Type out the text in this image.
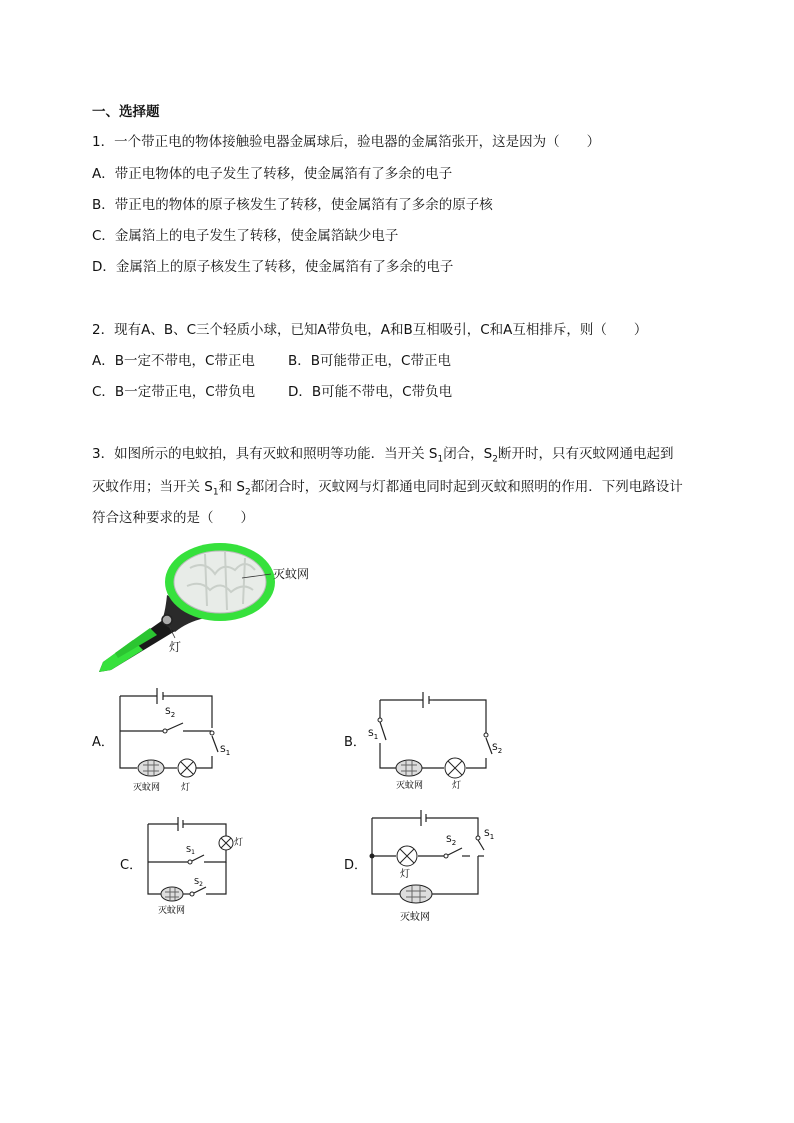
一、选择题
1．一个带正电的物体接触验电器金属球后，验电器的金属箔张开，这是因为（　　）
A．带正电物体的电子发生了转移，使金属箔有了多余的电子
B．带正电的物体的原子核发生了转移，使金属箔有了多余的原子核
C．金属箔上的电子发生了转移，使金属箔缺少电子
D．金属箔上的原子核发生了转移，使金属箔有了多余的电子
2．现有A、B、C三个轻质小球，已知A带负电，A和B互相吸引，C和A互相排斥，则（　　）
A．B一定不带电，C带正电 B．B可能带正电，C带正电
C．B一定带正电，C带负电 D．B可能不带电，C带负电
3．如图所示的电蚊拍，具有灭蚊和照明等功能．当开关 $S_1$闭合，$S_2$断开时，只有灭蚊网通电起到
灭蚊作用；当开关 $S_1$和 $S_2$都闭合时，灭蚊网与灯都通电同时起到灭蚊和照明的作用．下列电路设计
符合这种要求的是（　　）
灭蚊网
灯
A．
$S_2$
$S_1$
灭蚊网 灯
B．
$S_1$
$S_2$
灭蚊网	灯
C．
灯
$S_1$
$S_2$
灭蚊网
D．
灯
$S_2$
$S_1$
灭蚊网
